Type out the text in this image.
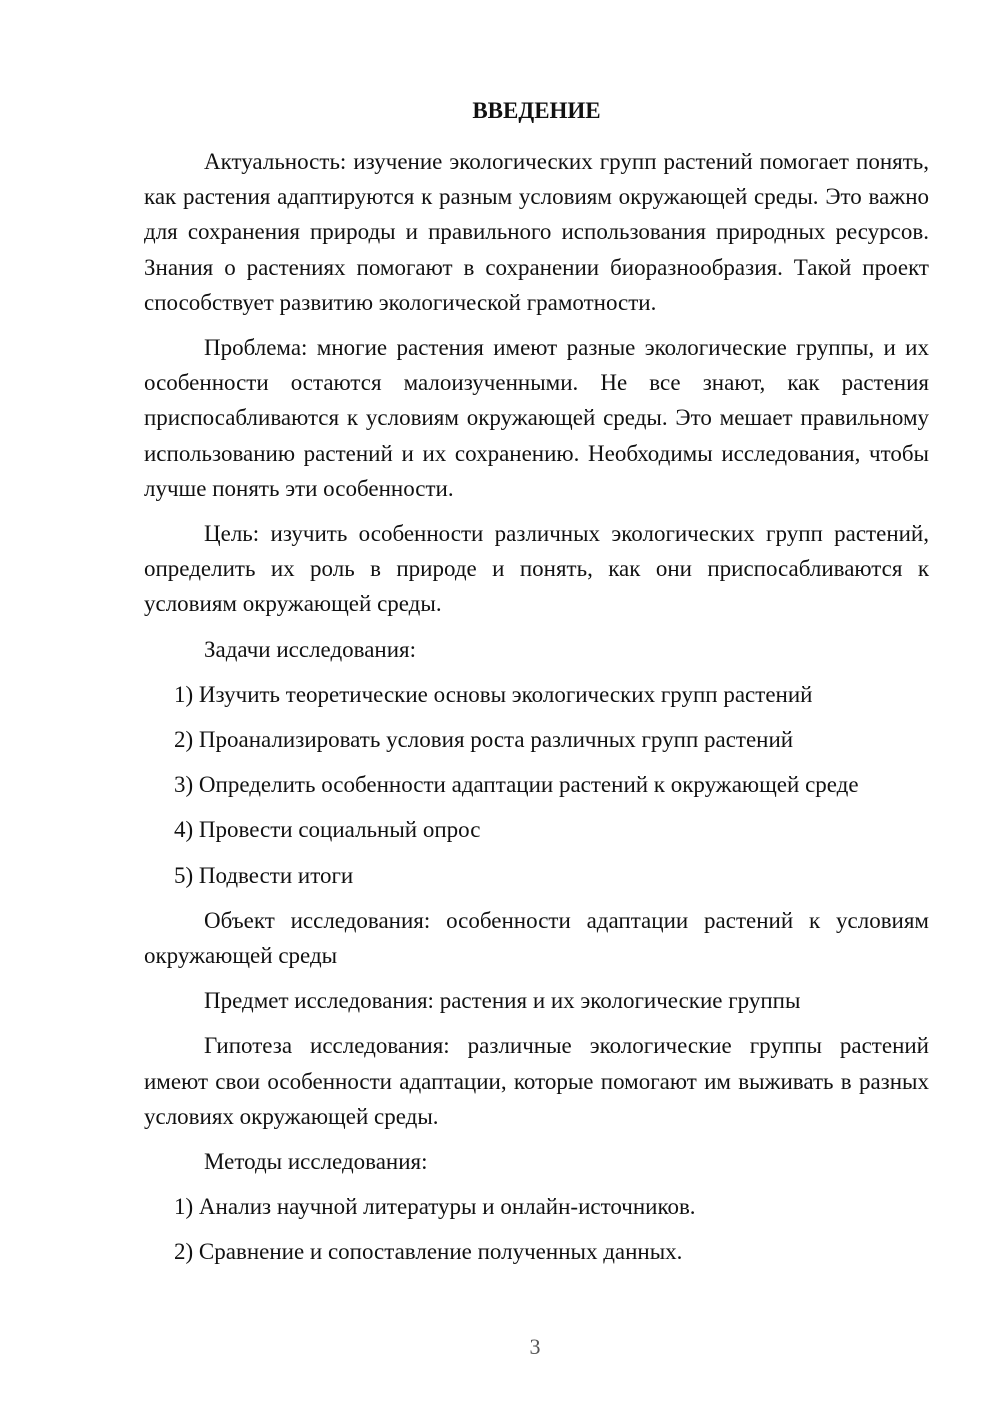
ВВЕДЕНИЕ

Актуальность: изучение экологических групп растений помогает понять, как растения адаптируются к разным условиям окружающей среды. Это важно для сохранения природы и правильного использования природных ресурсов. Знания о растениях помогают в сохранении биоразнообразия. Такой проект способствует развитию экологической грамотности.

Проблема: многие растения имеют разные экологические группы, и их особенности остаются малоизученными. Не все знают, как растения приспосабливаются к условиям окружающей среды. Это мешает правильному использованию растений и их сохранению. Необходимы исследования, чтобы лучше понять эти особенности.

Цель: изучить особенности различных экологических групп растений, определить их роль в природе и понять, как они приспосабливаются к условиям окружающей среды.

Задачи исследования:

1) Изучить теоретические основы экологических групп растений
2) Проанализировать условия роста различных групп растений
3) Определить особенности адаптации растений к окружающей среде
4) Провести социальный опрос
5) Подвести итоги

Объект исследования: особенности адаптации растений к условиям окружающей среды

Предмет исследования: растения и их экологические группы

Гипотеза исследования: различные экологические группы растений имеют свои особенности адаптации, которые помогают им выживать в разных условиях окружающей среды.

Методы исследования:

1) Анализ научной литературы и онлайн-источников.
2) Сравнение и сопоставление полученных данных.
3
